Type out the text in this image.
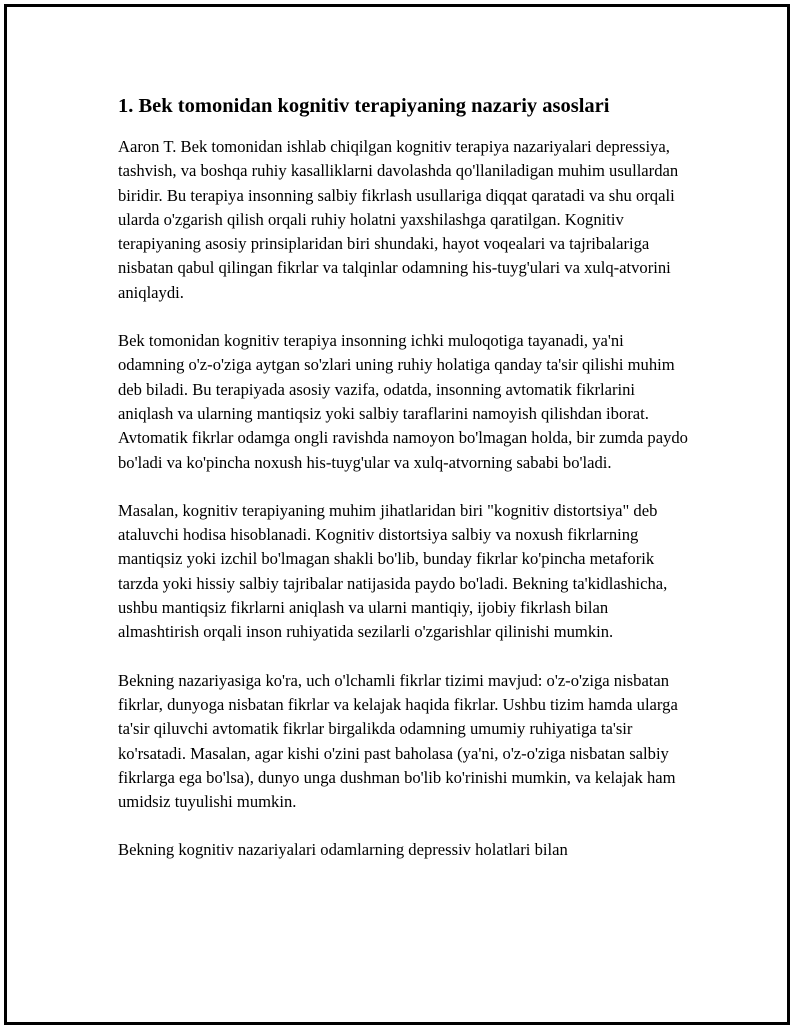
1. Bek tomonidan kognitiv terapiyaning nazariy asoslari

Aaron T. Bek tomonidan ishlab chiqilgan kognitiv terapiya nazariyalari depressiya, tashvish, va boshqa ruhiy kasalliklarni davolashda qo'llaniladigan muhim usullardan biridir. Bu terapiya insonning salbiy fikrlash usullariga diqqat qaratadi va shu orqali ularda o'zgarish qilish orqali ruhiy holatni yaxshilashga qaratilgan. Kognitiv terapiyaning asosiy prinsiplaridan biri shundaki, hayot voqealari va tajribalariga nisbatan qabul qilingan fikrlar va talqinlar odamning his-tuyg'ulari va xulq-atvorini aniqlaydi.

Bek tomonidan kognitiv terapiya insonning ichki muloqotiga tayanadi, ya'ni odamning o'z-o'ziga aytgan so'zlari uning ruhiy holatiga qanday ta'sir qilishi muhim deb biladi. Bu terapiyada asosiy vazifa, odatda, insonning avtomatik fikrlarini aniqlash va ularning mantiqsiz yoki salbiy taraflarini namoyish qilishdan iborat. Avtomatik fikrlar odamga ongli ravishda namoyon bo'lmagan holda, bir zumda paydo bo'ladi va ko'pincha noxush his-tuyg'ular va xulq-atvorning sababi bo'ladi.

Masalan, kognitiv terapiyaning muhim jihatlaridan biri "kognitiv distortsiya" deb ataluvchi hodisa hisoblanadi. Kognitiv distortsiya salbiy va noxush fikrlarning mantiqsiz yoki izchil bo'lmagan shakli bo'lib, bunday fikrlar ko'pincha metaforik tarzda yoki hissiy salbiy tajribalar natijasida paydo bo'ladi. Bekning ta'kidlashicha, ushbu mantiqsiz fikrlarni aniqlash va ularni mantiqiy, ijobiy fikrlash bilan almashtirish orqali inson ruhiyatida sezilarli o'zgarishlar qilinishi mumkin.

Bekning nazariyasiga ko'ra, uch o'lchamli fikrlar tizimi mavjud: o'z-o'ziga nisbatan fikrlar, dunyoga nisbatan fikrlar va kelajak haqida fikrlar. Ushbu tizim hamda ularga ta'sir qiluvchi avtomatik fikrlar birgalikda odamning umumiy ruhiyatiga ta'sir ko'rsatadi. Masalan, agar kishi o'zini past baholasa (ya'ni, o'z-o'ziga nisbatan salbiy fikrlarga ega bo'lsa), dunyo unga dushman bo'lib ko'rinishi mumkin, va kelajak ham umidsiz tuyulishi mumkin.

Bekning kognitiv nazariyalari odamlarning depressiv holatlari bilan
